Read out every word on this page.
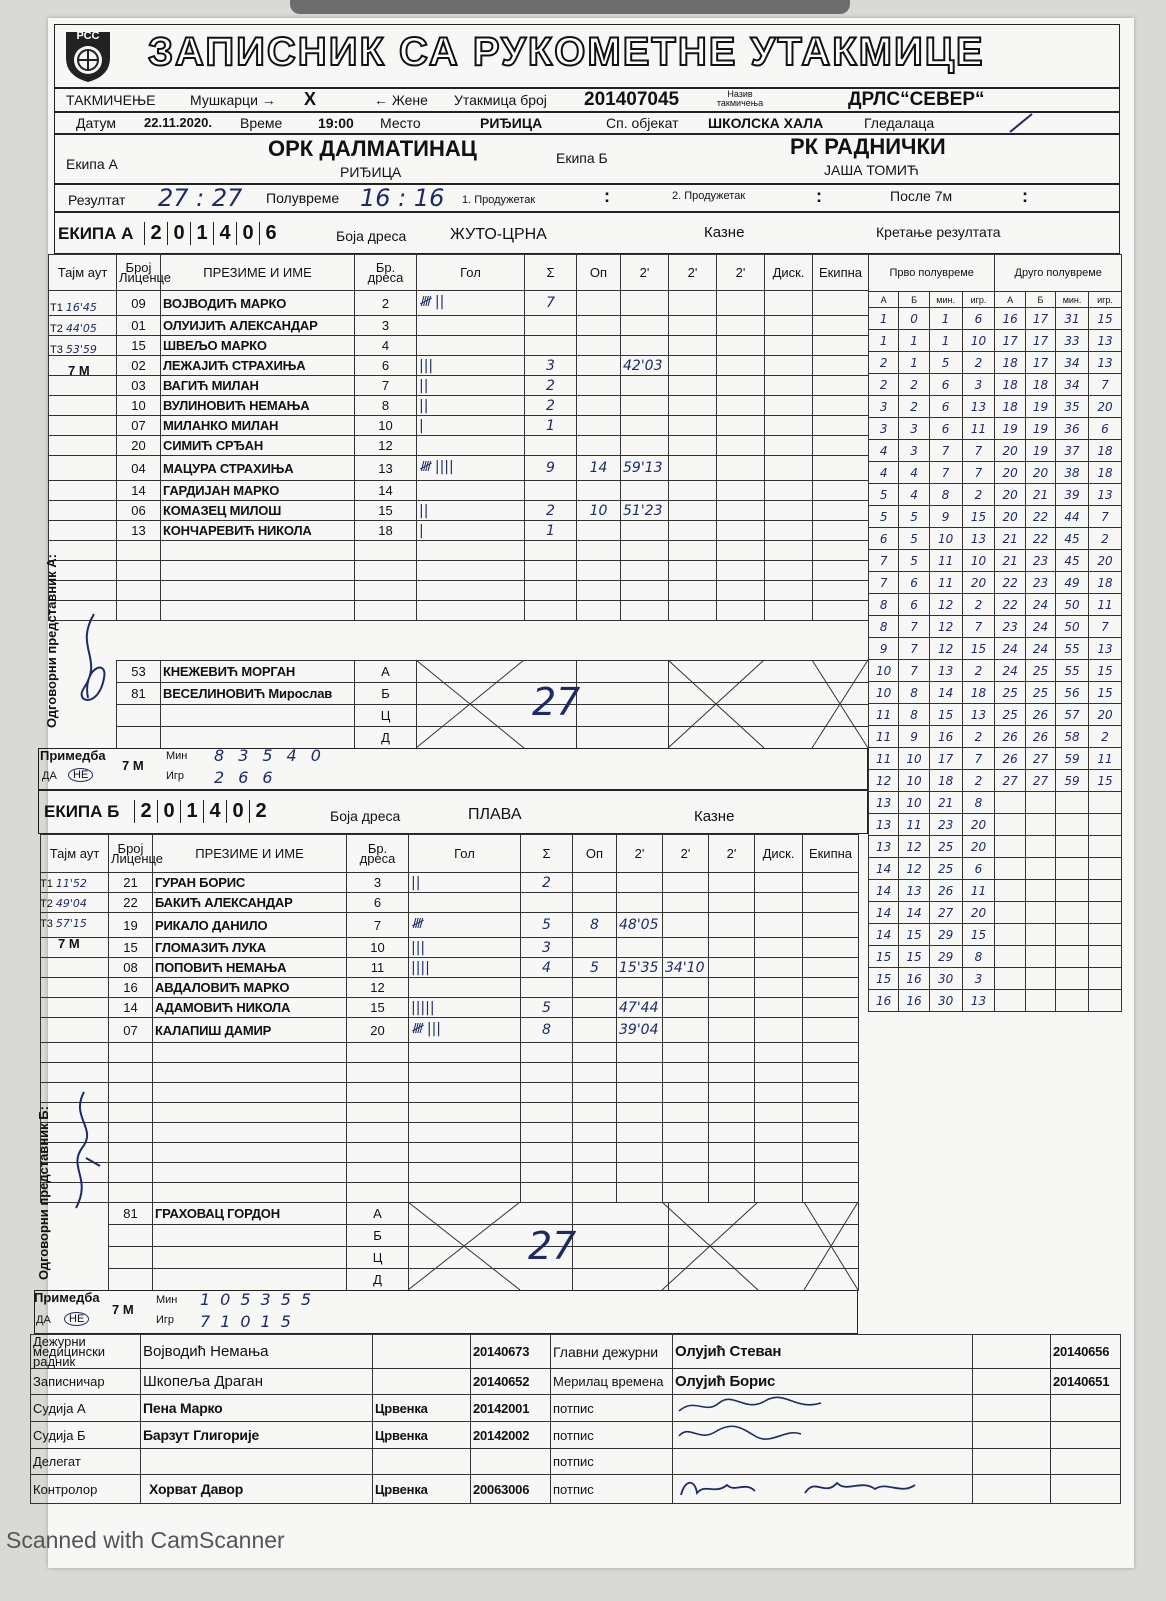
РСС	ЗАПИСНИК СА РУКОМЕТНЕ УТАКМИЦЕ
ТАКМИЧЕЊЕ Мушкарци → X	← Жене Утакмица број 201407045	Назив такмичења	ДРЛС“СЕВЕР“
Датум 22.11.2020. Време	19:00 Место	РИЂИЦА	Сп. објекат ШКОЛСКА ХАЛА	Гледалаца
Екипа А
ОРК ДАЛМАТИНАЦ
РИЂИЦА
Екипа Б	РК РАДНИЧКИ
ЈАША ТОМИЋ
Резултат 27 : 27 Полувреме 16 : 16 1. Продужетак	:	2. Продужетак	:	После 7м	:
ЕКИПА А 2 0 1 4 0 6	Боја дреса	ЖУТО-ЦРНА	Казне	Кретање резултата
Тајм аут	Број Лиценце	ПРЕЗИМЕ И ИМЕ	Бр. дреса	Гол	Σ	Оп	2'	2'	2'	Диск.	Екипна
	09	ВОЈВОДИЋ МАРКО	2	𝍸 ||	7						
	01	ОЛУИЈИЋ АЛЕКСАНДАР	3								
	15	ШВЕЉО МАРКО	4								
	02	ЛЕЖАЈИЋ СТРАХИЊА	6	|||	3		42'03				
	03	ВАГИЋ МИЛАН	7	||	2						
	10	ВУЛИНОВИЋ НЕМАЊА	8	||	2						
	07	МИЛАНКО МИЛАН	10	|	1						
	20	СИМИЋ СРЂАН	12								
	04	МАЦУРА СТРАХИЊА	13	𝍸 ||||	9	14	59'13				
	14	ГАРДИЈАН МАРКО	14								
	06	КОМАЗЕЦ МИЛОШ	15	||	2	10	51'23				
	13	КОНЧАРЕВИЋ НИКОЛА	18	|	1						

Прво полувреме				Друго полувреме			
А	Б	мин.	игр.	А	Б	мин.	игр.
1	0	1	6	16	17	31	15
1	1	1	10	17	17	33	13
2	1	5	2	18	17	34	13
2	2	6	3	18	18	34	7
3	2	6	13	18	19	35	20
3	3	6	11	19	19	36	6
4	3	7	7	20	19	37	18
4	4	7	7	20	20	38	18
5	4	8	2	20	21	39	13
5	5	9	15	20	22	44	7
6	5	10	13	21	22	45	2
7	5	11	10	21	23	45	20
7	6	11	20	22	23	49	18
8	6	12	2	22	24	50	11
8	7	12	7	23	24	50	7
9	7	12	15	24	24	55	13
10	7	13	2	24	25	55	15
10	8	14	18	25	25	56	15
11	8	15	13	25	26	57	20
11	9	16	2	26	26	58	2
11	10	17	7	26	27	59	11
12	10	18	2	27	27	59	15
13	10	21	8				
13	11	23	20				
13	12	25	20				
14	12	25	6				
14	13	26	11				
14	14	27	20				
14	15	29	15				
15	15	29	8				
15	16	30	3				
16	16	30	13				
T1 16'45
T2 44'05
T3 53'59
7 М
Одговорни представник А:	53	КНЕЖЕВИЋ МОРГАН	А			
81	ВЕСЕЛИНОВИЋ Мирослав	Б			
		Ц			
		Д			
27
Примедба
ДА	НЕ
7 М
Мин
Игр
83540
266
ЕКИПА Б	2 0 1 4 0 2	Боја дреса	ПЛАВА	Казне
Тајм аут	Број Лиценце	ПРЕЗИМЕ И ИМЕ	Бр. дреса	Гол	Σ	Оп	2'	2'	2'	Диск.	Екипна
	21	ГУРАН БОРИС	3	||	2						
	22	БАКИЋ АЛЕКСАНДАР	6								
	19	РИКАЛО ДАНИЛО	7	𝍸	5	8	48'05				
	15	ГЛОМАЗИЋ ЛУКА	10	|||	3						
	08	ПОПОВИЋ НЕМАЊА	11	||||	4	5	15'35	34'10			
	16	АВДАЛОВИЋ МАРКО	12								
	14	АДАМОВИЋ НИКОЛА	15	|||||	5		47'44				
	07	КАЛАПИШ ДАМИР	20	𝍸 |||	8		39'04				

T1 11'52
T2 49'04
T3 57'15
7 М
Одговорни представник Б:	81	ГРАХОВАЦ ГОРДОН	А			
		Б			
		Ц			
		Д			
27
Примедба
ДА	НЕ
7 М
Мин
Игр
105355
71015
Дежурни медицински радник	Војводић Немања		20140673	Главни дежурни	Олујић Стеван		20140656
Записничар	Шкопеља Драган		20140652	Мерилац времена	Олујић Борис		20140651
Судија А	Пена Марко	Црвенка	20142001	потпис			
Судија Б	Барзут Глигорије	Црвенка	20142002	потпис			
Делегат				потпис			
Контролор	Хорват Давор	Црвенка	20063006	потпис			
Scanned with CamScanner
